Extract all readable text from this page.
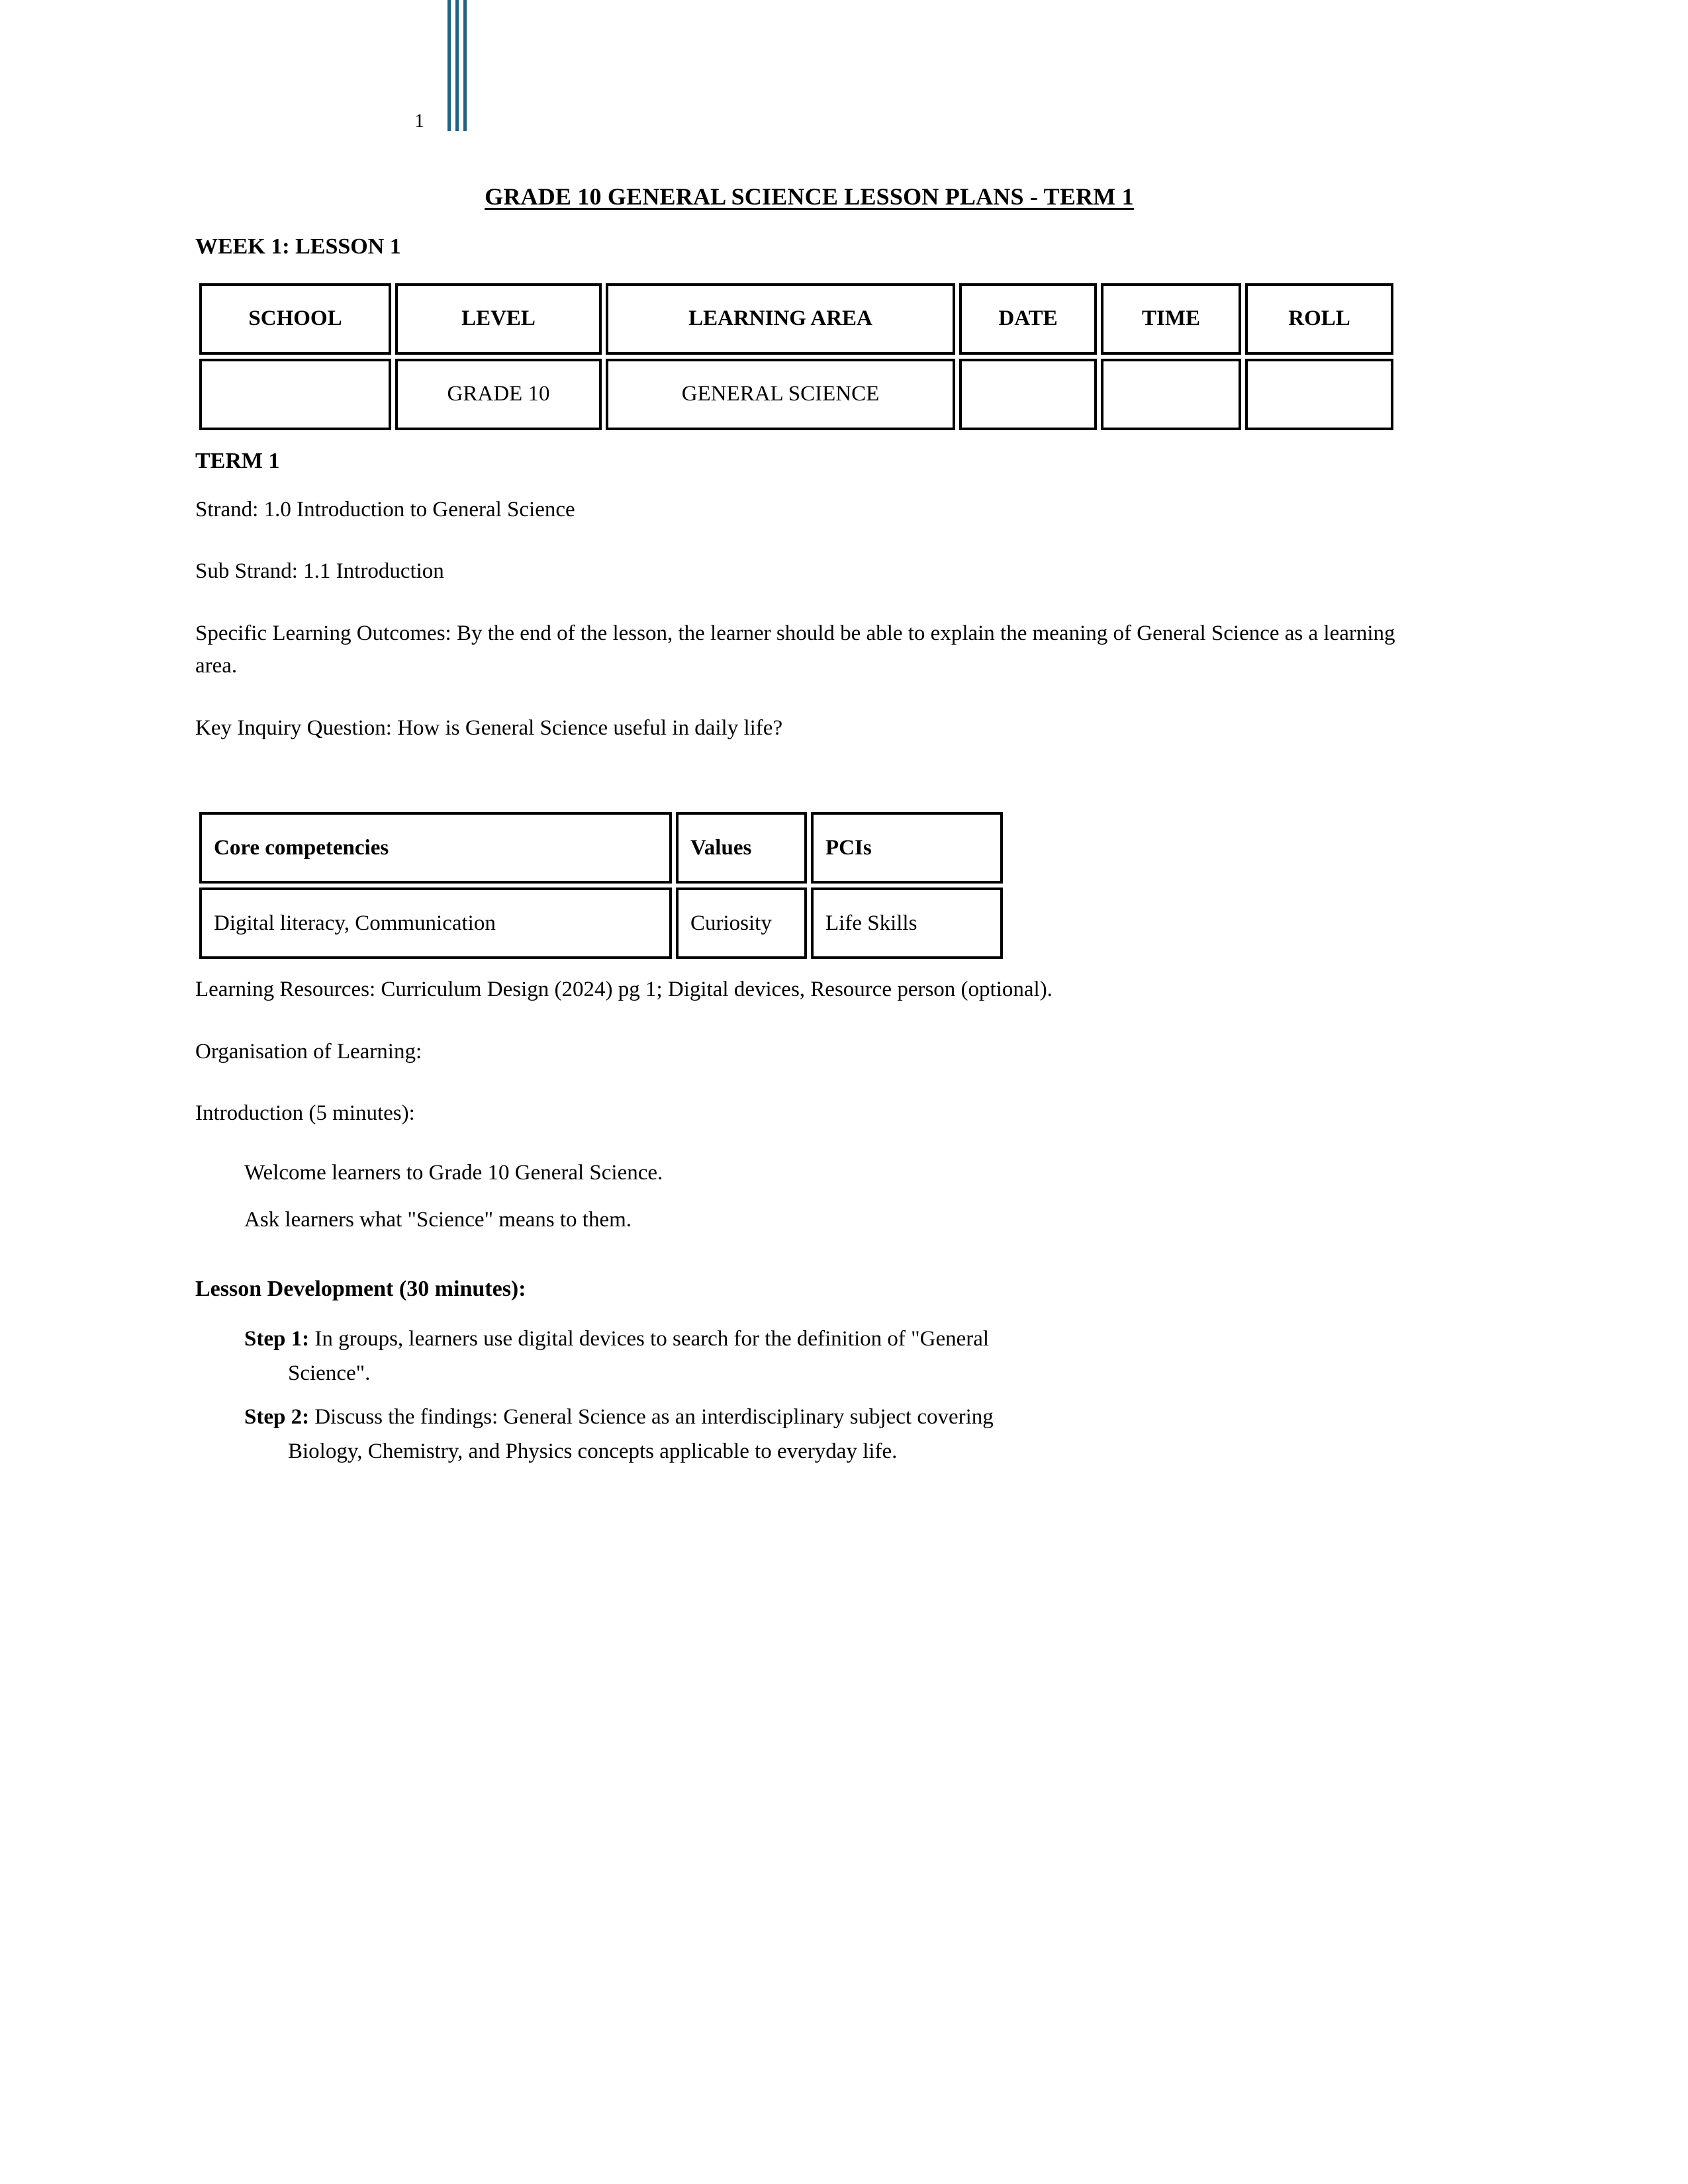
1
GRADE 10 GENERAL SCIENCE LESSON PLANS - TERM 1
WEEK 1: LESSON 1
SCHOOL	LEVEL	LEARNING AREA	DATE	TIME	ROLL
	GRADE 10	GENERAL SCIENCE			
TERM 1
Strand: 1.0 Introduction to General Science
Sub Strand: 1.1 Introduction
Specific Learning Outcomes: By the end of the lesson, the learner should be able to explain the meaning of General Science as a learning area.
Key Inquiry Question: How is General Science useful in daily life?
Core competencies	Values	PCIs
Digital literacy, Communication	Curiosity	Life Skills
Learning Resources: Curriculum Design (2024) pg 1; Digital devices, Resource person (optional).
Organisation of Learning:
Introduction (5 minutes):
Welcome learners to Grade 10 General Science.
Ask learners what "Science" means to them.
Lesson Development (30 minutes):
Step 1: In groups, learners use digital devices to search for the definition of "General
Science".
Step 2: Discuss the findings: General Science as an interdisciplinary subject covering
Biology, Chemistry, and Physics concepts applicable to everyday life.
